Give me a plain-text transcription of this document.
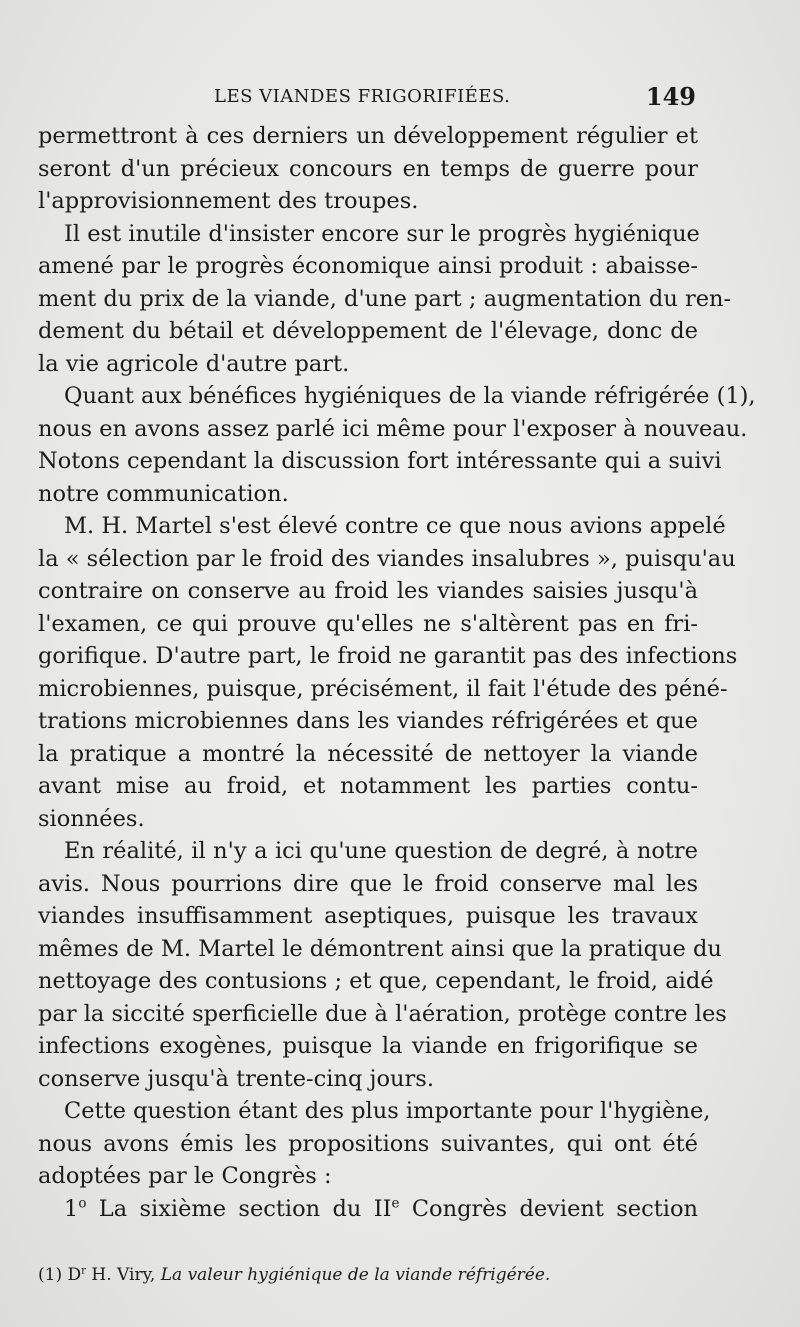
LES VIANDES FRIGORIFIÉES.	149
permettront à ces derniers un développement régulier et
seront d'un précieux concours en temps de guerre pour
l'approvisionnement des troupes.
Il est inutile d'insister encore sur le progrès hygiénique
amené par le progrès économique ainsi produit : abaisse-
ment du prix de la viande, d'une part ; augmentation du ren-
dement du bétail et développement de l'élevage, donc de
la vie agricole d'autre part.
Quant aux bénéfices hygiéniques de la viande réfrigérée (1),
nous en avons assez parlé ici même pour l'exposer à nouveau.
Notons cependant la discussion fort intéressante qui a suivi
notre communication.
M. H. Martel s'est élevé contre ce que nous avions appelé
la « sélection par le froid des viandes insalubres », puisqu'au
contraire on conserve au froid les viandes saisies jusqu'à
l'examen, ce qui prouve qu'elles ne s'altèrent pas en fri-
gorifique. D'autre part, le froid ne garantit pas des infections
microbiennes, puisque, précisément, il fait l'étude des péné-
trations microbiennes dans les viandes réfrigérées et que
la pratique a montré la nécessité de nettoyer la viande
avant mise au froid, et notamment les parties contu-
sionnées.
En réalité, il n'y a ici qu'une question de degré, à notre
avis. Nous pourrions dire que le froid conserve mal les
viandes insuffisamment aseptiques, puisque les travaux
mêmes de M. Martel le démontrent ainsi que la pratique du
nettoyage des contusions ; et que, cependant, le froid, aidé
par la siccité sperficielle due à l'aération, protège contre les
infections exogènes, puisque la viande en frigorifique se
conserve jusqu'à trente-cinq jours.
Cette question étant des plus importante pour l'hygiène,
nous avons émis les propositions suivantes, qui ont été
adoptées par le Congrès :
1$^o$ La sixième section du IIe Congrès devient section
(1) $D^r$ H. Viry, La valeur hygiénique de la viande réfrigérée.
